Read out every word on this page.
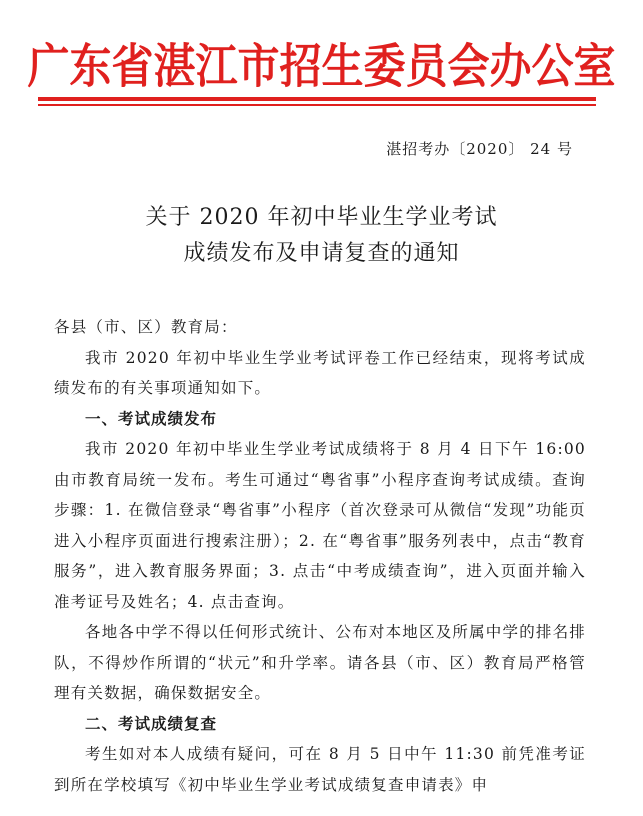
广东省湛江市招生委员会办公室
湛招考办〔2020〕 24 号
关于 2020 年初中毕业生学业考试
成绩发布及申请复查的通知

各县（市、区）教育局：

我市 2020 年初中毕业生学业考试评卷工作已经结束，现将考试成绩发布的有关事项通知如下。

一、考试成绩发布

我市 2020 年初中毕业生学业考试成绩将于 8 月 4 日下午 16:00 由市教育局统一发布。考生可通过“粤省事”小程序查询考试成绩。查询步骤：1. 在微信登录“粤省事”小程序（首次登录可从微信“发现”功能页进入小程序页面进行搜索注册）；2. 在“粤省事”服务列表中，点击“教育服务”，进入教育服务界面；3. 点击“中考成绩查询”，进入页面并输入准考证号及姓名；4. 点击查询。

各地各中学不得以任何形式统计、公布对本地区及所属中学的排名排队，不得炒作所谓的“状元”和升学率。请各县（市、区）教育局严格管理有关数据，确保数据安全。

二、考试成绩复查

考生如对本人成绩有疑问，可在 8 月 5 日中午 11:30 前凭准考证到所在学校填写《初中毕业生学业考试成绩复查申请表》申
